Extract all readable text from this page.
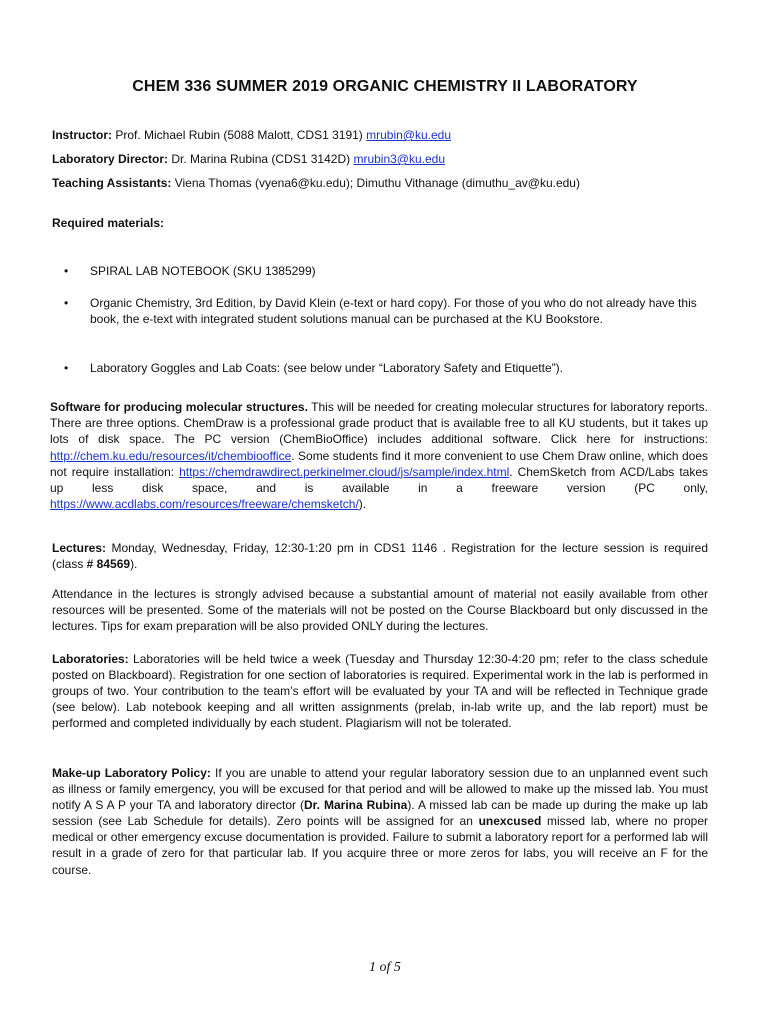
CHEM 336 SUMMER 2019 ORGANIC CHEMISTRY II LABORATORY
Instructor: Prof. Michael Rubin (5088 Malott, CDS1 3191) mrubin@ku.edu
Laboratory Director: Dr. Marina Rubina (CDS1 3142D) mrubin3@ku.edu
Teaching Assistants: Viena Thomas (vyena6@ku.edu); Dimuthu Vithanage (dimuthu_av@ku.edu)
Required materials:
• SPIRAL LAB NOTEBOOK (SKU 1385299)
• Organic Chemistry, 3rd Edition, by David Klein (e-text or hard copy). For those of you who do not already have this book, the e-text with integrated student solutions manual can be purchased at the KU Bookstore.
• Laboratory Goggles and Lab Coats: (see below under “Laboratory Safety and Etiquette”).

Software for producing molecular structures. This will be needed for creating molecular structures for laboratory reports. There are three options. ChemDraw is a professional grade product that is available free to all KU students, but it takes up lots of disk space. The PC version (ChemBioOffice) includes additional software. Click here for instructions: http://chem.ku.edu/resources/it/chembiooffice. Some students find it more convenient to use Chem Draw online, which does not require installation: https://chemdrawdirect.perkinelmer.cloud/js/sample/index.html. ChemSketch from ACD/Labs takes up less disk space, and is available in a freeware version (PC only, https://www.acdlabs.com/resources/freeware/chemsketch/).

Lectures: Monday, Wednesday, Friday, 12:30-1:20 pm in CDS1 1146 . Registration for the lecture session is required (class # 84569).

Attendance in the lectures is strongly advised because a substantial amount of material not easily available from other resources will be presented. Some of the materials will not be posted on the Course Blackboard but only discussed in the lectures. Tips for exam preparation will be also provided ONLY during the lectures.

Laboratories: Laboratories will be held twice a week (Tuesday and Thursday 12:30-4:20 pm; refer to the class schedule posted on Blackboard). Registration for one section of laboratories is required. Experimental work in the lab is performed in groups of two. Your contribution to the team’s effort will be evaluated by your TA and will be reflected in Technique grade (see below). Lab notebook keeping and all written assignments (prelab, in-lab write up, and the lab report) must be performed and completed individually by each student. Plagiarism will not be tolerated.

Make-up Laboratory Policy: If you are unable to attend your regular laboratory session due to an unplanned event such as illness or family emergency, you will be excused for that period and will be allowed to make up the missed lab. You must notify A S A P your TA and laboratory director (Dr. Marina Rubina). A missed lab can be made up during the make up lab session (see Lab Schedule for details). Zero points will be assigned for an unexcused missed lab, where no proper medical or other emergency excuse documentation is provided. Failure to submit a laboratory report for a performed lab will result in a grade of zero for that particular lab. If you acquire three or more zeros for labs, you will receive an F for the course.

1 of 5
